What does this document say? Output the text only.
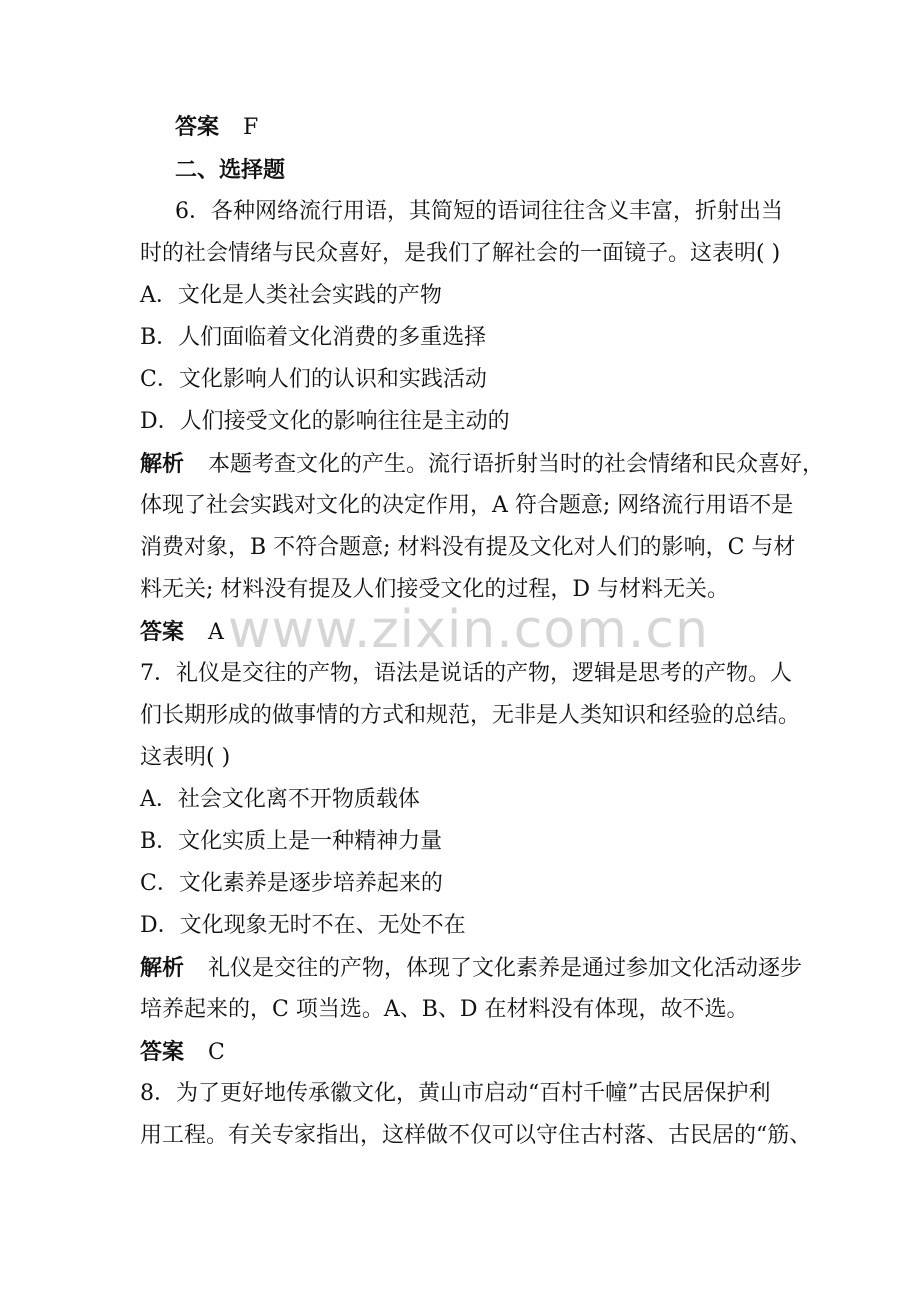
www.zixin.com.cn
答案 F
二、选择题
6．各种网络流行用语，其简短的语词往往含义丰富，折射出当
时的社会情绪与民众喜好，是我们了解社会的一面镜子。这表明( )
A．文化是人类社会实践的产物
B．人们面临着文化消费的多重选择
C．文化影响人们的认识和实践活动
D．人们接受文化的影响往往是主动的
解析 本题考查文化的产生。流行语折射当时的社会情绪和民众喜好，
体现了社会实践对文化的决定作用，A 符合题意; 网络流行用语不是
消费对象，B 不符合题意; 材料没有提及文化对人们的影响，C 与材
料无关; 材料没有提及人们接受文化的过程，D 与材料无关。
答案 A
7．礼仪是交往的产物，语法是说话的产物，逻辑是思考的产物。人
们长期形成的做事情的方式和规范，无非是人类知识和经验的总结。
这表明( )
A．社会文化离不开物质载体
B．文化实质上是一种精神力量
C．文化素养是逐步培养起来的
D．文化现象无时不在、无处不在
解析 礼仪是交往的产物，体现了文化素养是通过参加文化活动逐步
培养起来的，C 项当选。A、B、D 在材料没有体现，故不选。
答案 C
8．为了更好地传承徽文化，黄山市启动“百村千幢”古民居保护利
用工程。有关专家指出，这样做不仅可以守住古村落、古民居的“筋、
